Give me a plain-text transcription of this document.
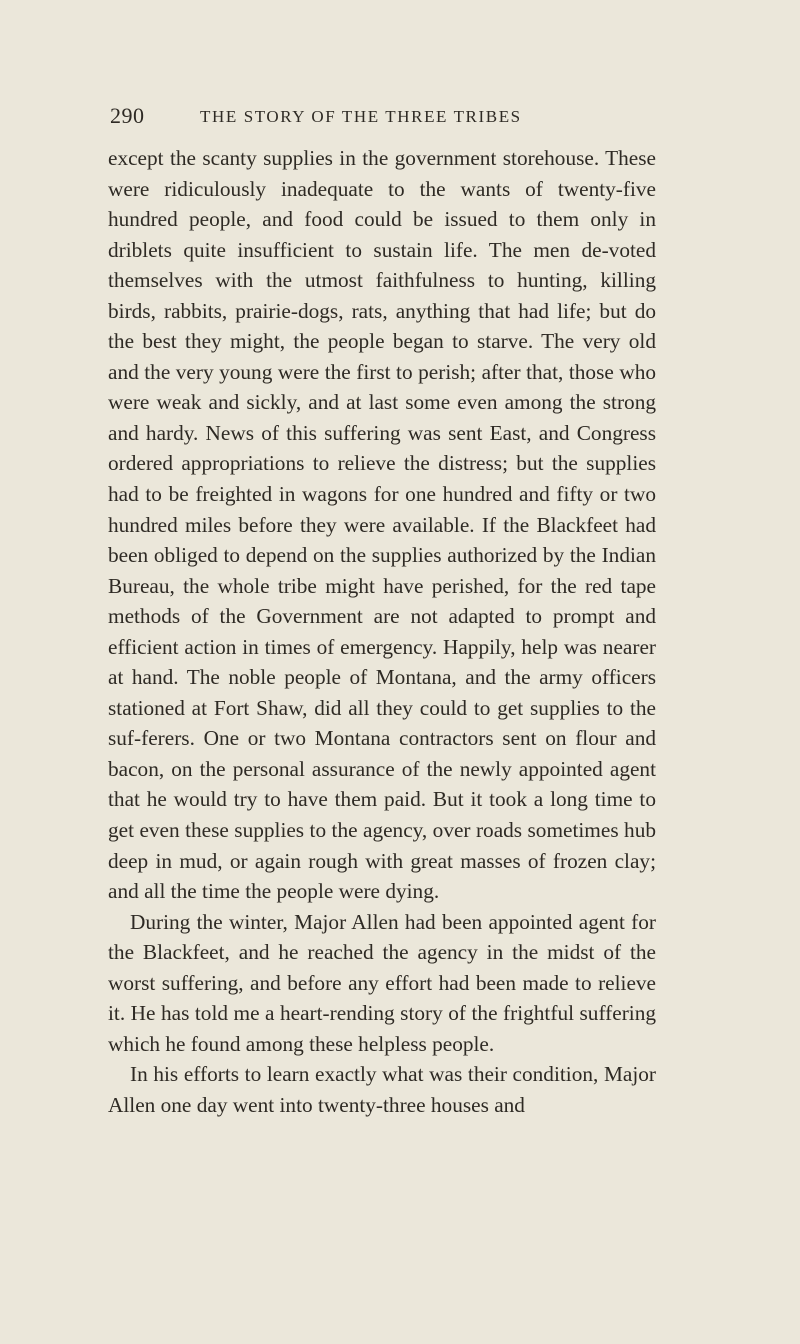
290	THE STORY OF THE THREE TRIBES

except the scanty supplies in the government storehouse. These were ridiculously inadequate to the wants of twenty-five hundred people, and food could be issued to them only in driblets quite insufficient to sustain life. The men de-voted themselves with the utmost faithfulness to hunting, killing birds, rabbits, prairie-dogs, rats, anything that had life; but do the best they might, the people began to starve. The very old and the very young were the first to perish; after that, those who were weak and sickly, and at last some even among the strong and hardy. News of this suffering was sent East, and Congress ordered appropriations to relieve the distress; but the supplies had to be freighted in wagons for one hundred and fifty or two hundred miles before they were available. If the Blackfeet had been obliged to depend on the supplies authorized by the Indian Bureau, the whole tribe might have perished, for the red tape methods of the Government are not adapted to prompt and efficient action in times of emergency. Happily, help was nearer at hand. The noble people of Montana, and the army officers stationed at Fort Shaw, did all they could to get supplies to the suf-ferers. One or two Montana contractors sent on flour and bacon, on the personal assurance of the newly appointed agent that he would try to have them paid. But it took a long time to get even these supplies to the agency, over roads sometimes hub deep in mud, or again rough with great masses of frozen clay; and all the time the people were dying.

During the winter, Major Allen had been appointed agent for the Blackfeet, and he reached the agency in the midst of the worst suffering, and before any effort had been made to relieve it. He has told me a heart-rending story of the frightful suffering which he found among these helpless people.

In his efforts to learn exactly what was their condition, Major Allen one day went into twenty-three houses and
